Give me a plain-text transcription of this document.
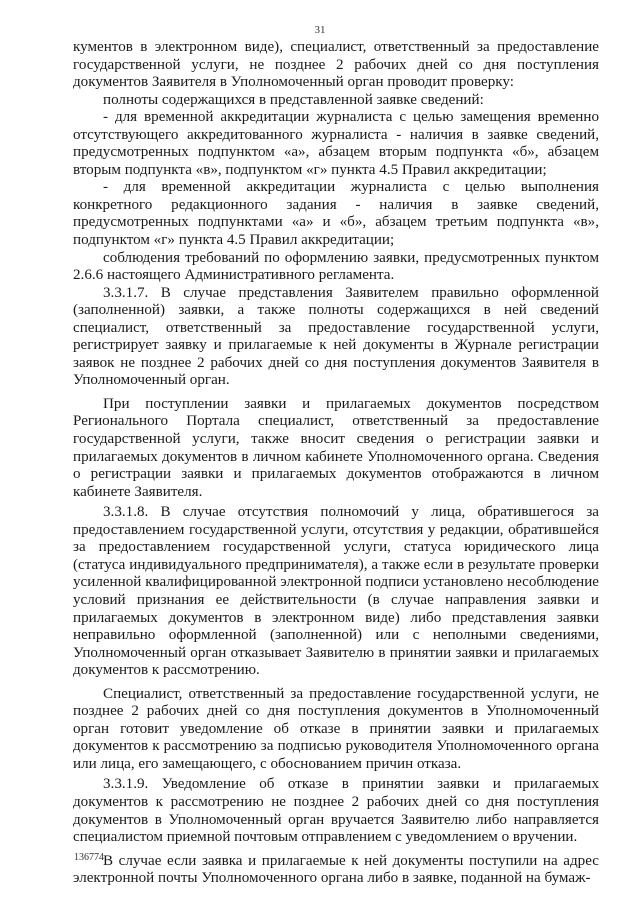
31

кументов в электронном виде), специалист, ответственный за предоставление государственной услуги, не позднее 2 рабочих дней со дня поступления документов Заявителя в Уполномоченный орган проводит проверку:

полноты содержащихся в представленной заявке сведений:

- для временной аккредитации журналиста с целью замещения временно отсутствующего аккредитованного журналиста - наличия в заявке сведений, предусмотренных подпунктом «а», абзацем вторым подпункта «б», абзацем вторым подпункта «в», подпунктом «г» пункта 4.5 Правил аккредитации;

- для временной аккредитации журналиста с целью выполнения конкретного редакционного задания - наличия в заявке сведений, предусмотренных подпунктами «а» и «б», абзацем третьим подпункта «в», подпунктом «г» пункта 4.5 Правил аккредитации;

соблюдения требований по оформлению заявки, предусмотренных пунктом 2.6.6 настоящего Административного регламента.

3.3.1.7. В случае представления Заявителем правильно оформленной (заполненной) заявки, а также полноты содержащихся в ней сведений специалист, ответственный за предоставление государственной услуги, регистрирует заявку и прилагаемые к ней документы в Журнале регистрации заявок не позднее 2 рабочих дней со дня поступления документов Заявителя в Уполномоченный орган.

При поступлении заявки и прилагаемых документов посредством Регионального Портала специалист, ответственный за предоставление государственной услуги, также вносит сведения о регистрации заявки и прилагаемых документов в личном кабинете Уполномоченного органа. Сведения о регистрации заявки и прилагаемых документов отображаются в личном кабинете Заявителя.

3.3.1.8. В случае отсутствия полномочий у лица, обратившегося за предоставлением государственной услуги, отсутствия у редакции, обратившейся за предоставлением государственной услуги, статуса юридического лица (статуса индивидуального предпринимателя), а также если в результате проверки усиленной квалифицированной электронной подписи установлено несоблюдение условий признания ее действительности (в случае направления заявки и прилагаемых документов в электронном виде) либо представления заявки неправильно оформленной (заполненной) или с неполными сведениями, Уполномоченный орган отказывает Заявителю в принятии заявки и прилагаемых документов к рассмотрению.

Специалист, ответственный за предоставление государственной услуги, не позднее 2 рабочих дней со дня поступления документов в Уполномоченный орган готовит уведомление об отказе в принятии заявки и прилагаемых документов к рассмотрению за подписью руководителя Уполномоченного органа или лица, его замещающего, с обоснованием причин отказа.

3.3.1.9. Уведомление об отказе в принятии заявки и прилагаемых документов к рассмотрению не позднее 2 рабочих дней со дня поступления документов в Уполномоченный орган вручается Заявителю либо направляется специалистом приемной почтовым отправлением с уведомлением о вручении.

В случае если заявка и прилагаемые к ней документы поступили на адрес электронной почты Уполномоченного органа либо в заявке, поданной на бумаж-

136774
